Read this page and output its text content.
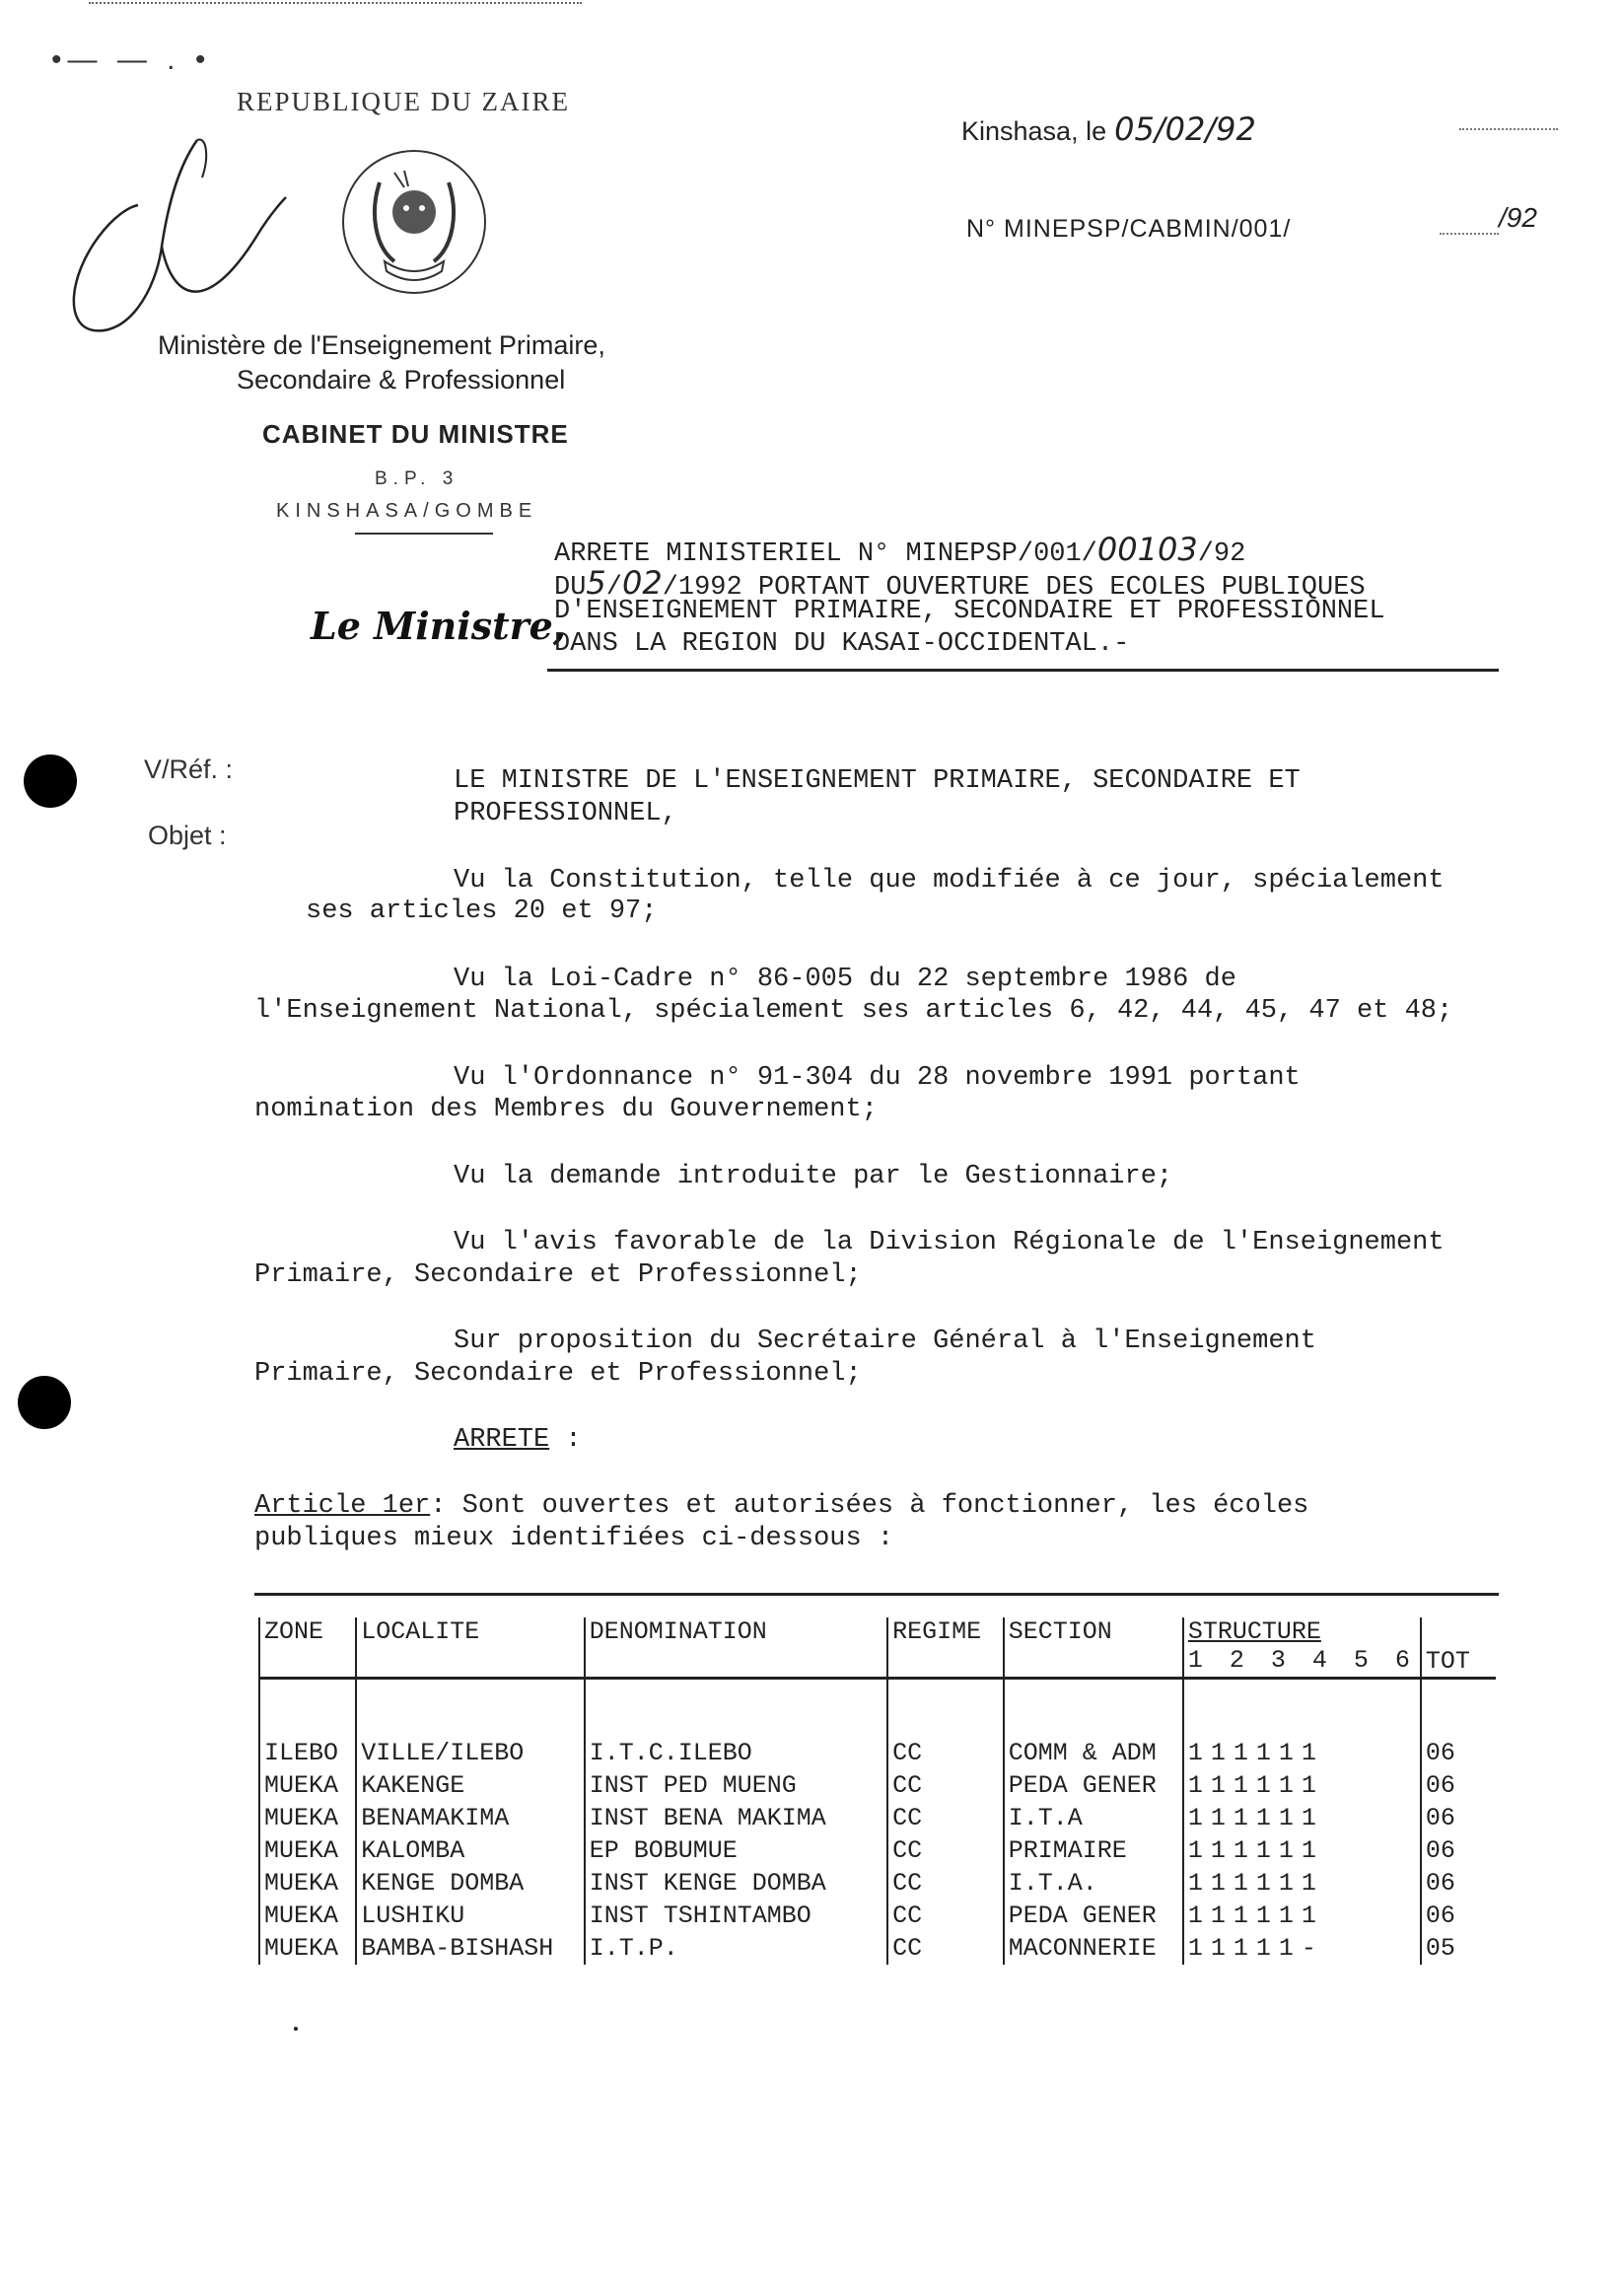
•— — . •
REPUBLIQUE DU ZAIRE
Ministère de l'Enseignement Primaire,
Secondaire & Professionnel
CABINET DU MINISTRE
B.P. 3
KINSHASA/GOMBE
Kinshasa, le 05/02/92
N° MINEPSP/CABMIN/001/	/92
Le Ministre,
ARRETE MINISTERIEL N° MINEPSP/001/00103/92
DU5/02/1992 PORTANT OUVERTURE DES ECOLES PUBLIQUES
D'ENSEIGNEMENT PRIMAIRE, SECONDAIRE ET PROFESSIONNEL
DANS LA REGION DU KASAI-OCCIDENTAL.-
V/Réf. :
Objet :
LE MINISTRE DE L'ENSEIGNEMENT PRIMAIRE, SECONDAIRE ET
PROFESSIONNEL,
Vu la Constitution, telle que modifiée à ce jour, spécialement
ses articles 20 et 97;
Vu la Loi-Cadre n° 86-005 du 22 septembre 1986 de
l'Enseignement National, spécialement ses articles 6, 42, 44, 45, 47 et 48;
Vu l'Ordonnance n° 91-304 du 28 novembre 1991 portant
nomination des Membres du Gouvernement;
Vu la demande introduite par le Gestionnaire;
Vu l'avis favorable de la Division Régionale de l'Enseignement
Primaire, Secondaire et Professionnel;
Sur proposition du Secrétaire Général à l'Enseignement
Primaire, Secondaire et Professionnel;
ARRETE :
Article 1er: Sont ouvertes et autorisées à fonctionner, les écoles
publiques mieux identifiées ci-dessous :
ZONE	LOCALITE	DENOMINATION	REGIME	SECTION	STRUCTURE
1 2 3 4 5 6	TOT

ILEBO	VILLE/ILEBO	I.T.C.ILEBO	CC	COMM & ADM	111111	06
MUEKA	KAKENGE	INST PED MUENG	CC	PEDA GENER	111111	06
MUEKA	BENAMAKIMA	INST BENA MAKIMA	CC	I.T.A	111111	06
MUEKA	KALOMBA	EP BOBUMUE	CC	PRIMAIRE	111111	06
MUEKA	KENGE DOMBA	INST KENGE DOMBA	CC	I.T.A.	111111	06
MUEKA	LUSHIKU	INST TSHINTAMBO	CC	PEDA GENER	111111	06
MUEKA	BAMBA-BISHASH	I.T.P.	CC	MACONNERIE	11111-	05
